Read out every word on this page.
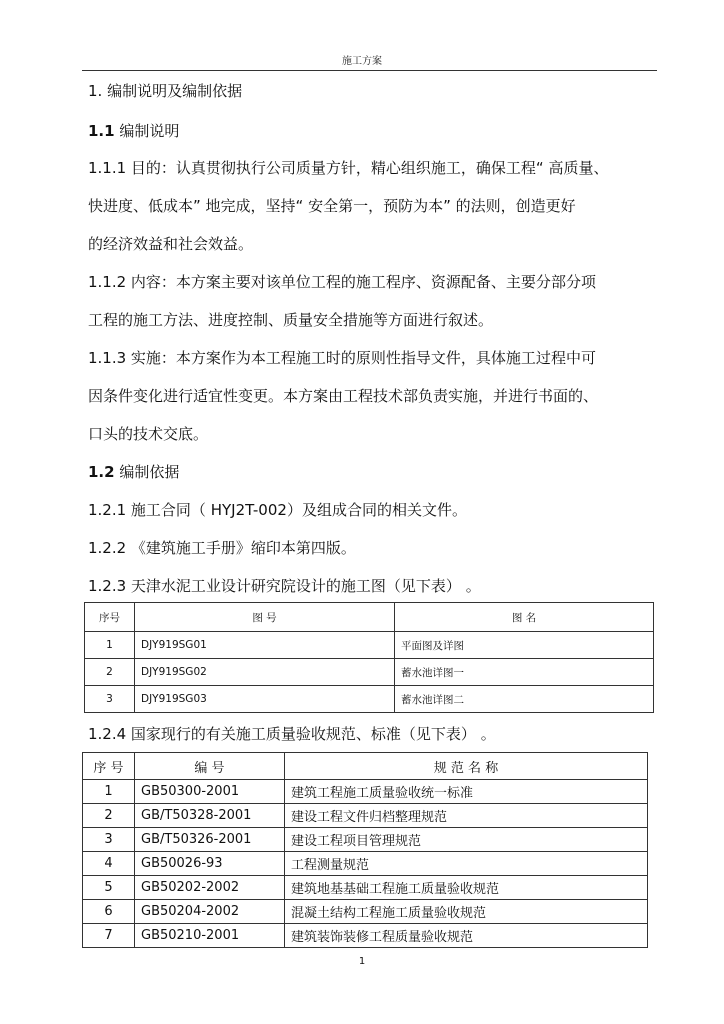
施工方案
1. 编制说明及编制依据
1.1 编制说明
1.1.1 目的：认真贯彻执行公司质量方针，精心组织施工，确保工程“ 高质量、
快进度、低成本” 地完成，坚持“ 安全第一，预防为本” 的法则，创造更好
的经济效益和社会效益。
1.1.2 内容：本方案主要对该单位工程的施工程序、资源配备、主要分部分项
工程的施工方法、进度控制、质量安全措施等方面进行叙述。
1.1.3 实施：本方案作为本工程施工时的原则性指导文件，具体施工过程中可
因条件变化进行适宜性变更。本方案由工程技术部负责实施，并进行书面的、
口头的技术交底。
1.2 编制依据
1.2.1 施工合同（ HYJ2T-002）及组成合同的相关文件。
1.2.2 《建筑施工手册》缩印本第四版。
1.2.3 天津水泥工业设计研究院设计的施工图（见下表） 。
序号	图 号	图 名
1	DJY919SG01	平面图及详图
2	DJY919SG02	蓄水池详图一
3	DJY919SG03	蓄水池详图二
1.2.4 国家现行的有关施工质量验收规范、标准（见下表） 。
序 号	编 号	规 范 名 称
1	GB50300-2001	建筑工程施工质量验收统一标准
2	GB/T50328-2001	建设工程文件归档整理规范
3	GB/T50326-2001	建设工程项目管理规范
4	GB50026-93	工程测量规范
5	GB50202-2002	建筑地基基础工程施工质量验收规范
6	GB50204-2002	混凝土结构工程施工质量验收规范
7	GB50210-2001	建筑装饰装修工程质量验收规范
1
